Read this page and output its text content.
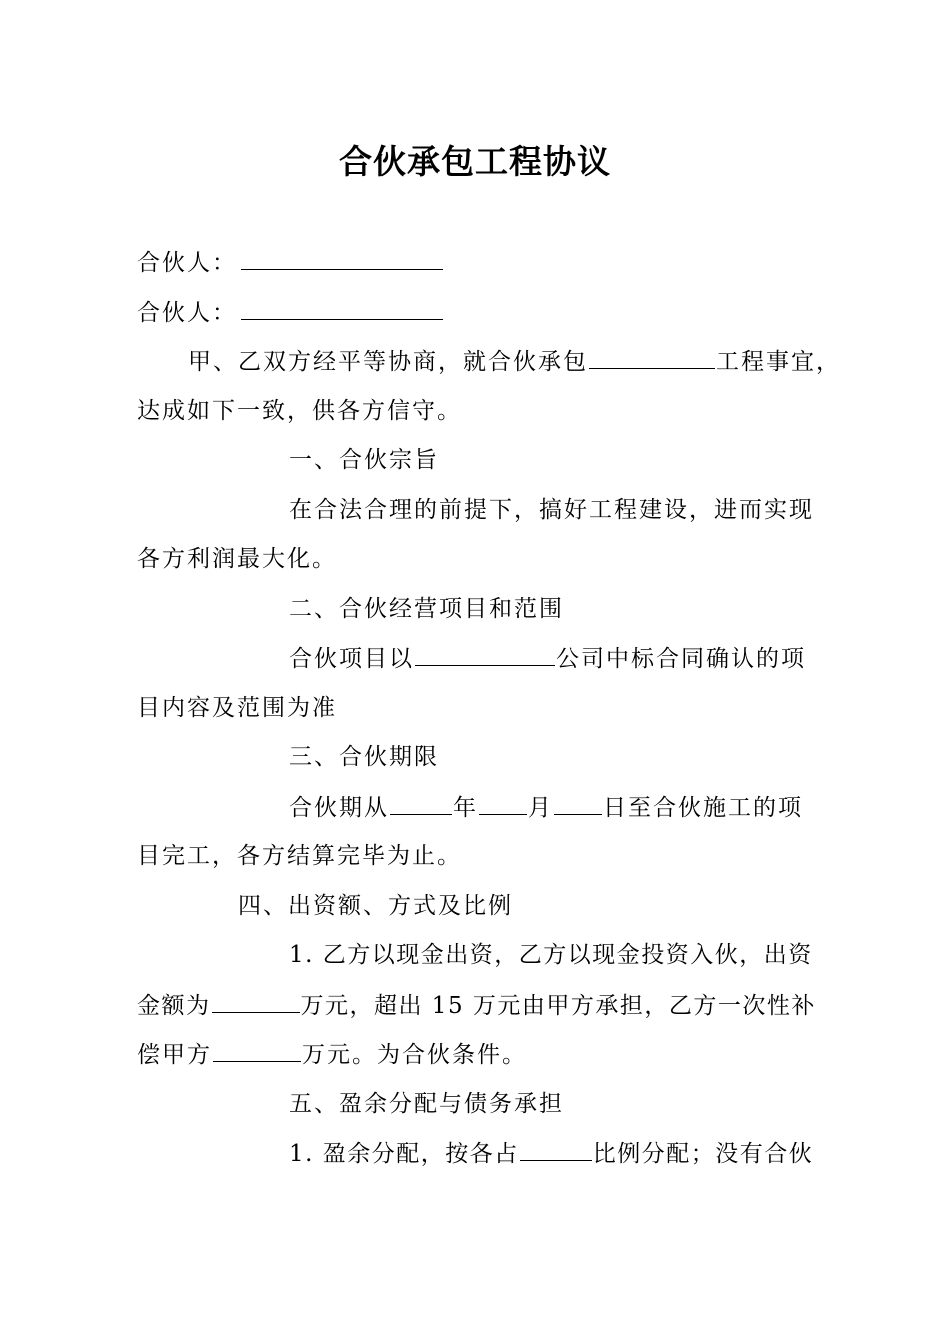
合伙承包工程协议
合伙人：
合伙人：
甲、乙双方经平等协商，就合伙承包	工程事宜，
达成如下一致，供各方信守。
一、合伙宗旨
在合法合理的前提下，搞好工程建设，进而实现
各方利润最大化。
二、合伙经营项目和范围
合伙项目以	公司中标合同确认的项
目内容及范围为准
三、合伙期限
合伙期从	年 月 日至合伙施工的项
目完工，各方结算完毕为止。
四、出资额、方式及比例
1. 乙方以现金出资，乙方以现金投资入伙，出资
金额为	万元，超出 15 万元由甲方承担，乙方一次性补
偿甲方	万元。为合伙条件。
五、盈余分配与债务承担
1. 盈余分配，按各占	比例分配；没有合伙
